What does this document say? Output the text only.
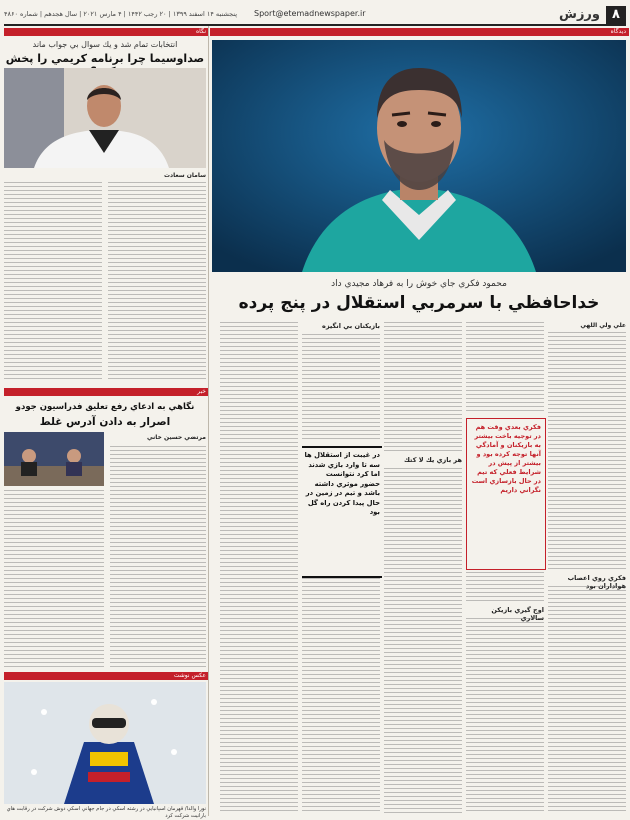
٨
ورزش
Sport@etemadnewspaper.ir
پنجشنبه ۱۴ اسفند ۱۳۹۹ | ۲۰ رجب ۱۴۴۲ | ۴ مارس ۲۰۲۱ | سال هجدهم | شماره ۴۸۶۰
دیدگاه
محمود فكري جاي خوش را به فرهاد مجيدي داد
خداحافظي با سرمربي استقلال در پنج پرده
علي ولي اللهي
فكري روي اعصاب هواداران بود
فكري بعدي وقت هم در توجيه باخت بيشتر به بازيكنان و آمادگي آنها توجه كرده بود و بيشتر از پيش در شرايط فعلي كه تيم در حال بازسازي است نگراني داريم
اوج گيري بازيكن سالاري
هر بازي يك لا كتك
بازيكنان بي انگيزه
در غيبت از استقلال ها سه تا وارد بازي شدند اما كرد نتوانست حضور موثري داشته باشد و تيم در زمين در حال پيدا كردن راه گل بود
نگاه
انتخابات تمام شد و يك سوال بي جواب ماند
صداوسيما چرا برنامه كريمي را پخش
سامان سعادت
خبر
نگاهي به ادعاي رفع تعليق فدراسيون جودو
اصرار به دادن آدرس غلط
مرتضي حسين خاني
عكس نوشت
نورا والدا/ قهرمان اسپانيايي در رشته اسكي در جام جهاني اسكي دوش شركت در رقابت هاي بارانيت شركت كرد
